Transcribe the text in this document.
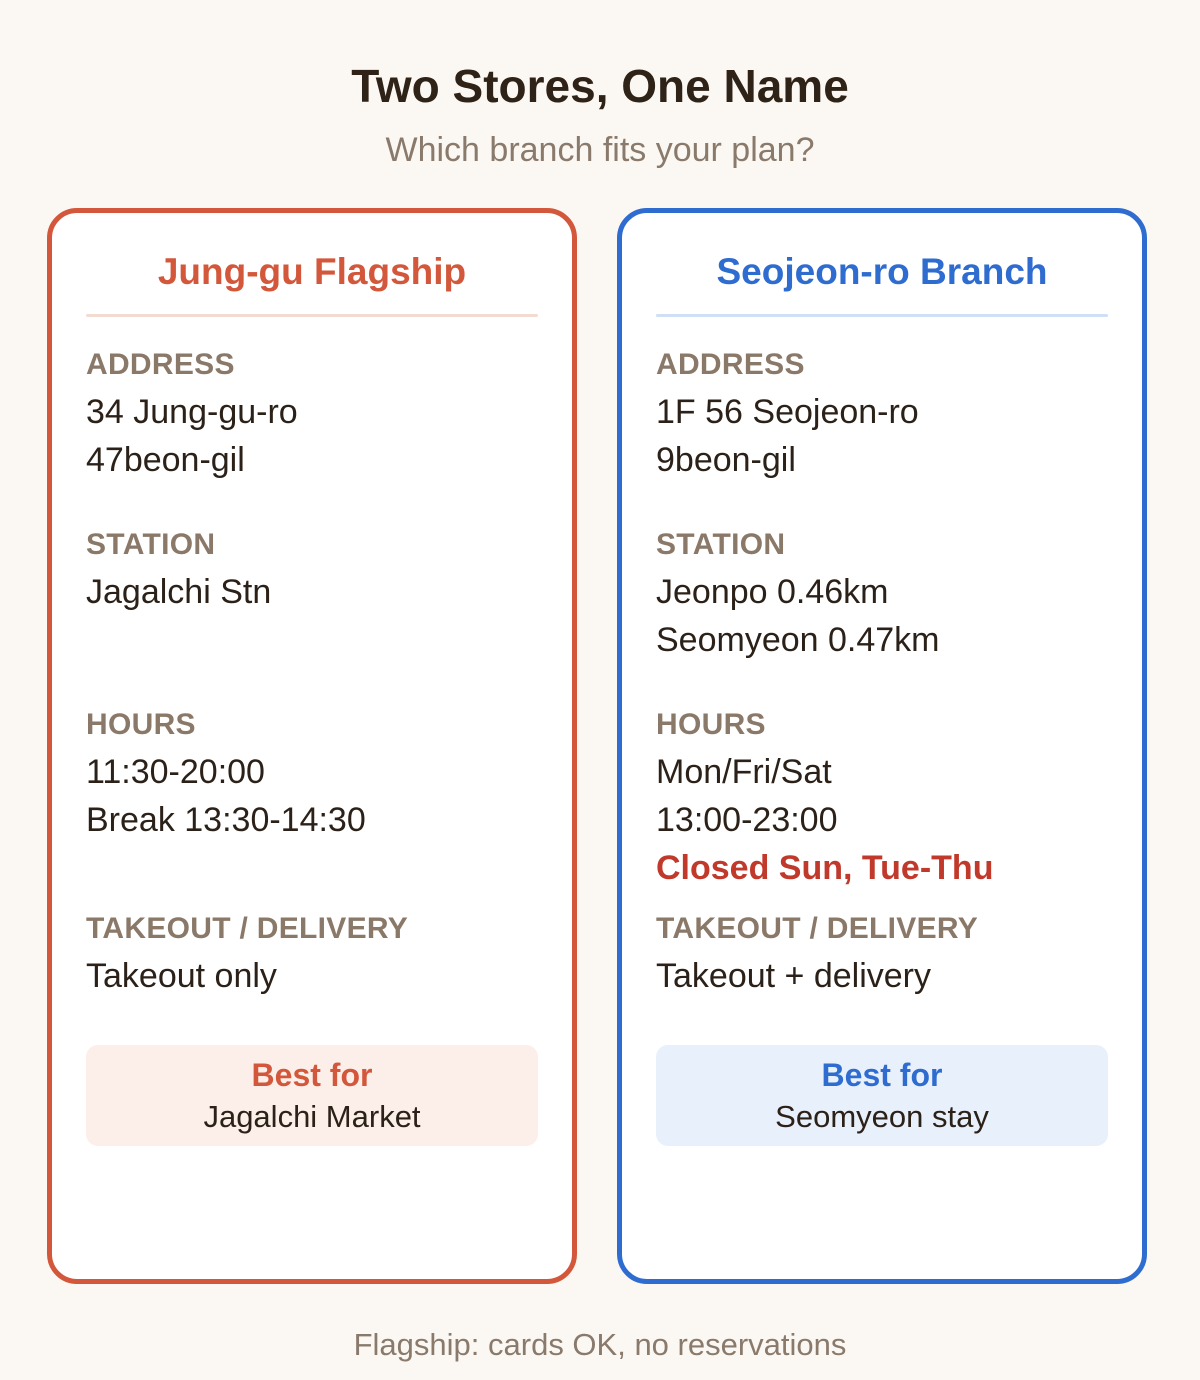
Two Stores, One Name
Which branch fits your plan?
Jung-gu Flagship
ADDRESS
34 Jung-gu-ro
47beon-gil
STATION
Jagalchi Stn
HOURS
11:30-20:00
Break 13:30-14:30
TAKEOUT / DELIVERY
Takeout only
Best for
Jagalchi Market
Seojeon-ro Branch
ADDRESS
1F 56 Seojeon-ro
9beon-gil
STATION
Jeonpo 0.46km
Seomyeon 0.47km
HOURS
Mon/Fri/Sat
13:00-23:00
Closed Sun, Tue-Thu
TAKEOUT / DELIVERY
Takeout + delivery
Best for
Seomyeon stay
Flagship: cards OK, no reservations
